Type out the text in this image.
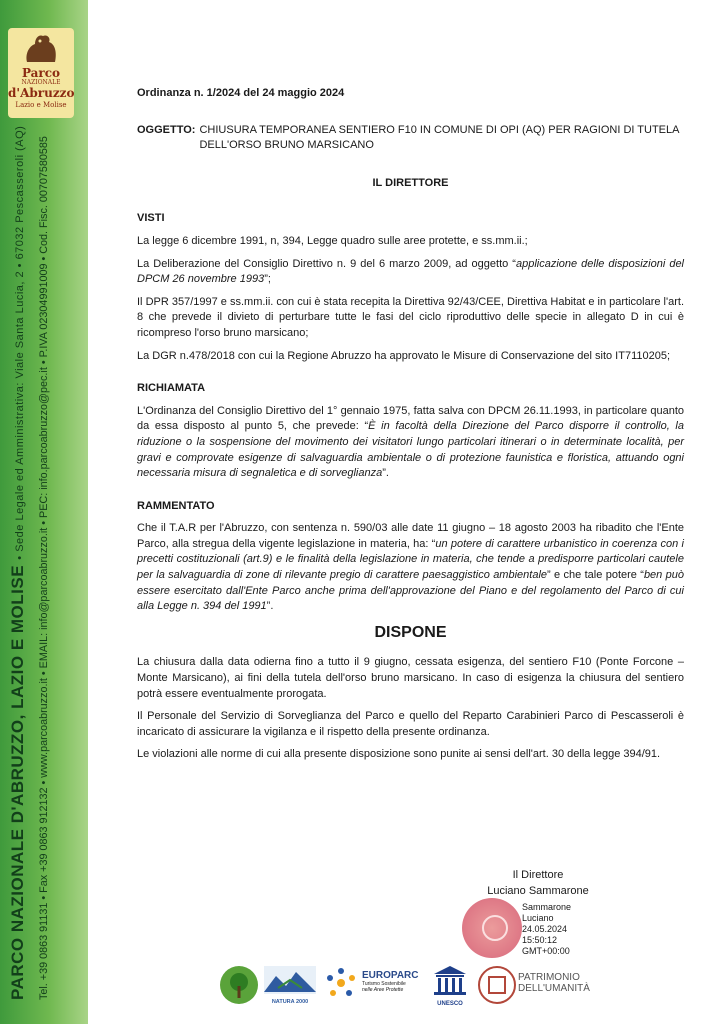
Parco
NAZIONALE
d'Abruzzo
Lazio e Molise
PARCO NAZIONALE D'ABRUZZO, LAZIO E MOLISE • Sede Legale ed Amministrativa: Viale Santa Lucia, 2 • 67032 Pescasseroli (AQ) Tel. +39 0863 91131 • Fax +39 0863 912132 • www.parcoabruzzo.it • EMAIL: info@parcoabruzzo.it • PEC: info.parcoabruzzo@pec.it • P.IVA 02304991009 • Cod. Fisc. 00707580585

Ordinanza n. 1/2024 del 24 maggio 2024

OGGETTO: CHIUSURA TEMPORANEA SENTIERO F10 IN COMUNE DI OPI (AQ) PER RAGIONI DI TUTELA DELL'ORSO BRUNO MARSICANO

IL DIRETTORE

VISTI

La legge 6 dicembre 1991, n, 394, Legge quadro sulle aree protette, e ss.mm.ii.;

La Deliberazione del Consiglio Direttivo n. 9 del 6 marzo 2009, ad oggetto “applicazione delle disposizioni del DPCM 26 novembre 1993”;

Il DPR 357/1997 e ss.mm.ii. con cui è stata recepita la Direttiva 92/43/CEE, Direttiva Habitat e in particolare l'art. 8 che prevede il divieto di perturbare tutte le fasi del ciclo riproduttivo delle specie in allegato D in cui è ricompreso l'orso bruno marsicano;

La DGR n.478/2018 con cui la Regione Abruzzo ha approvato le Misure di Conservazione del sito IT7110205;

RICHIAMATA

L'Ordinanza del Consiglio Direttivo del 1° gennaio 1975, fatta salva con DPCM 26.11.1993, in particolare quanto da essa disposto al punto 5, che prevede: “È in facoltà della Direzione del Parco disporre il controllo, la riduzione o la sospensione del movimento dei visitatori lungo particolari itinerari o in determinate località, per gravi e comprovate esigenze di salvaguardia ambientale o di protezione faunistica e floristica, attuando ogni necessaria misura di segnaletica e di sorveglianza”.

RAMMENTATO

Che il T.A.R per l'Abruzzo, con sentenza n. 590/03 alle date 11 giugno – 18 agosto 2003 ha ribadito che l'Ente Parco, alla stregua della vigente legislazione in materia, ha: “un potere di carattere urbanistico in coerenza con i precetti costituzionali (art.9) e le finalità della legislazione in materia, che tende a predisporre particolari cautele per la salvaguardia di zone di rilevante pregio di carattere paesaggistico ambientale” e che tale potere “ben può essere esercitato dall'Ente Parco anche prima dell'approvazione del Piano e del regolamento del Parco di cui alla Legge n. 394 del 1991”.

DISPONE

La chiusura dalla data odierna fino a tutto il 9 giugno, cessata esigenza, del sentiero F10 (Ponte Forcone – Monte Marsicano), ai fini della tutela dell'orso bruno marsicano. In caso di esigenza la chiusura del sentiero potrà essere eventualmente prorogata.

Il Personale del Servizio di Sorveglianza del Parco e quello del Reparto Carabinieri Parco di Pescasseroli è incaricato di assicurare la vigilanza e il rispetto della presente ordinanza.

Le violazioni alle norme di cui alla presente disposizione sono punite ai sensi dell'art. 30 della legge 394/91.

Il Direttore
Luciano Sammarone
Sammarone
Luciano
24.05.2024
15:50:12
GMT+00:00
NATURA 2000
EUROPARC
Turismo Sostenibile
nelle Aree Protette
UNESCO
PATRIMONIO
DELL'UMANITÀ
